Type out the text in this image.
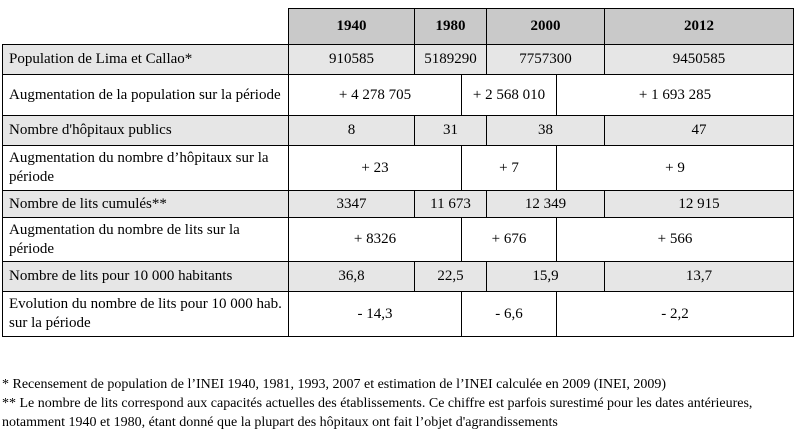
	1940	1980		2000		2012
Population de Lima et Callao*	910585	5189290		7757300		9450585
Augmentation de la population sur la période	+ 4 278 705		+ 2 568 010		+ 1 693 285	
Nombre d'hôpitaux publics	8	31		38		47
Augmentation du nombre d’hôpitaux sur la période	+ 23		+ 7		+ 9	
Nombre de lits cumulés**	3347	11 673		12 349		12 915
Augmentation du nombre de lits sur la période	+ 8326		+ 676		+ 566	
Nombre de lits pour 10 000 habitants	36,8	22,5		15,9		13,7
Evolution du nombre de lits pour 10 000 hab. sur la période	- 14,3		- 6,6		- 2,2	

* Recensement de population de l’INEI 1940, 1981, 1993, 2007 et estimation de l’INEI calculée en 2009 (INEI, 2009)

** Le nombre de lits correspond aux capacités actuelles des établissements. Ce chiffre est parfois surestimé pour les dates antérieures, notamment 1940 et 1980, étant donné que la plupart des hôpitaux ont fait l’objet d'agrandissements
